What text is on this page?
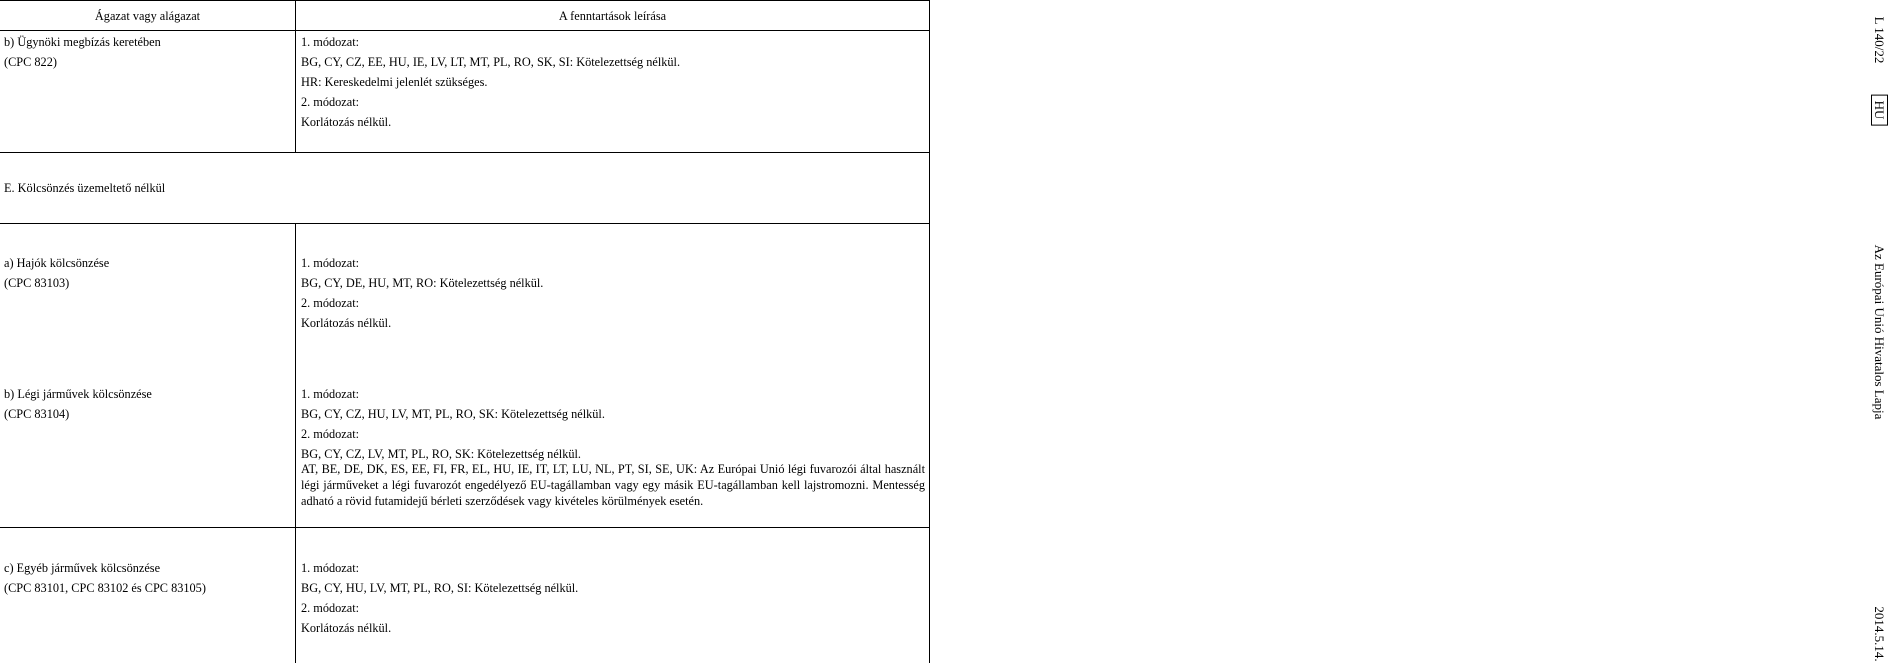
Ágazat vagy alágazat	A fenntartások leírása
b) Ügynöki megbízás keretében
(CPC 822)
1. módozat:
BG, CY, CZ, EE, HU, IE, LV, LT, MT, PL, RO, SK, SI: Kötelezettség nélkül.
HR: Kereskedelmi jelenlét szükséges.
2. módozat:
Korlátozás nélkül.
E. Kölcsönzés üzemeltető nélkül
a) Hajók kölcsönzése
(CPC 83103)
1. módozat:
BG, CY, DE, HU, MT, RO: Kötelezettség nélkül.
2. módozat:
Korlátozás nélkül.
b) Légi járművek kölcsönzése
(CPC 83104)
1. módozat:
BG, CY, CZ, HU, LV, MT, PL, RO, SK: Kötelezettség nélkül.
2. módozat:
BG, CY, CZ, LV, MT, PL, RO, SK: Kötelezettség nélkül.
AT, BE, DE, DK, ES, EE, FI, FR, EL, HU, IE, IT, LT, LU, NL, PT, SI, SE, UK: Az Európai Unió légi fuvarozói által használt légi járműveket a légi fuvarozót engedélyező EU-tagállamban vagy egy másik EU-tagállamban kell lajstromozni. Mentesség adható a rövid futamidejű bérleti szerződések vagy kivételes körülmények esetén.
c) Egyéb járművek kölcsönzése
(CPC 83101, CPC 83102 és CPC 83105)
1. módozat:
BG, CY, HU, LV, MT, PL, RO, SI: Kötelezettség nélkül.
2. módozat:
Korlátozás nélkül.
L 140/22
HU
Az Európai Unió Hivatalos Lapja
2014.5.14.
